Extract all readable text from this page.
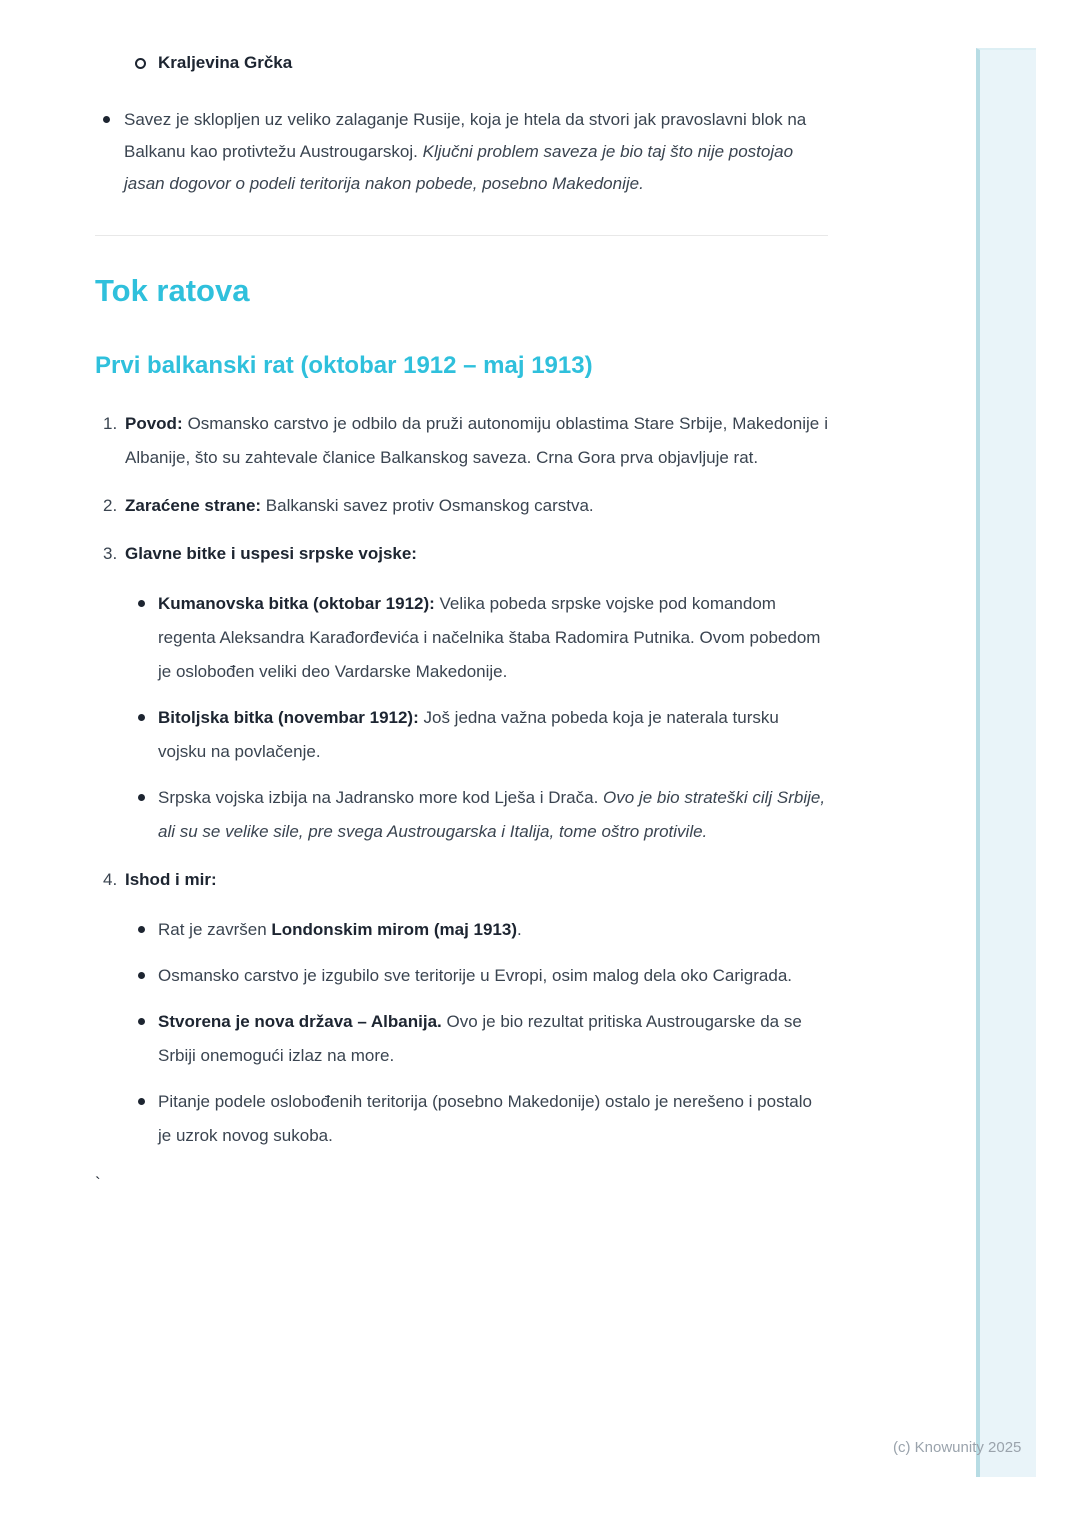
Kraljevina Grčka
Savez je sklopljen uz veliko zalaganje Rusije, koja je htela da stvori jak pravoslavni blok na Balkanu kao protivtežu Austrougarskoj. Ključni problem saveza je bio taj što nije postojao jasan dogovor o podeli teritorija nakon pobede, posebno Makedonije.
Tok ratova
Prvi balkanski rat (oktobar 1912 – maj 1913)
1. Povod: Osmansko carstvo je odbilo da pruži autonomiju oblastima Stare Srbije, Makedonije i Albanije, što su zahtevale članice Balkanskog saveza. Crna Gora prva objavljuje rat.
2. Zaraćene strane: Balkanski savez protiv Osmanskog carstva.
3. Glavne bitke i uspesi srpske vojske:
Kumanovska bitka (oktobar 1912): Velika pobeda srpske vojske pod komandom regenta Aleksandra Karađorđevića i načelnika štaba Radomira Putnika. Ovom pobedom je oslobođen veliki deo Vardarske Makedonije.
Bitoljska bitka (novembar 1912): Još jedna važna pobeda koja je naterala tursku vojsku na povlačenje.
Srpska vojska izbija na Jadransko more kod Lješa i Drača. Ovo je bio strateški cilj Srbije, ali su se velike sile, pre svega Austrougarska i Italija, tome oštro protivile.
4. Ishod i mir:
Rat je završen Londonskim mirom (maj 1913).
Osmansko carstvo je izgubilo sve teritorije u Evropi, osim malog dela oko Carigrada.
Stvorena je nova država – Albanija. Ovo je bio rezultat pritiska Austrougarske da se Srbiji onemogući izlaz na more.
Pitanje podele oslobođenih teritorija (posebno Makedonije) ostalo je nerešeno i postalo je uzrok novog sukoba.
`
(c) Knowunity 2025
